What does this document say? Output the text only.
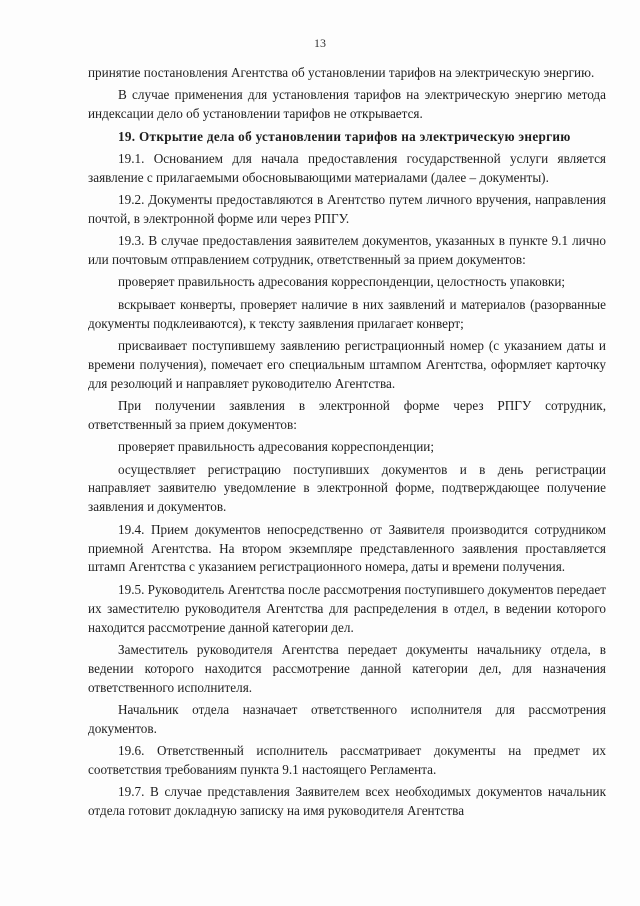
13

принятие постановления Агентства об установлении тарифов на электрическую энергию.

В случае применения для установления тарифов на электрическую энергию метода индексации дело об установлении тарифов не открывается.

19. Открытие дела об установлении тарифов на электрическую энергию

19.1. Основанием для начала предоставления государственной услуги является заявление с прилагаемыми обосновывающими материалами (далее – документы).

19.2. Документы предоставляются в Агентство путем личного вручения, направления почтой, в электронной форме или через РПГУ.

19.3. В случае предоставления заявителем документов, указанных в пункте 9.1 лично или почтовым отправлением сотрудник, ответственный за прием документов:

проверяет правильность адресования корреспонденции, целостность упаковки;

вскрывает конверты, проверяет наличие в них заявлений и материалов (разорванные документы подклеиваются), к тексту заявления прилагает конверт;

присваивает поступившему заявлению регистрационный номер (с указанием даты и времени получения), помечает его специальным штампом Агентства, оформляет карточку для резолюций и направляет руководителю Агентства.

При получении заявления в электронной форме через РПГУ сотрудник, ответственный за прием документов:

проверяет правильность адресования корреспонденции;

осуществляет регистрацию поступивших документов и в день регистрации направляет заявителю уведомление в электронной форме, подтверждающее получение заявления и документов.

19.4. Прием документов непосредственно от Заявителя производится сотрудником приемной Агентства. На втором экземпляре представленного заявления проставляется штамп Агентства с указанием регистрационного номера, даты и времени получения.

19.5. Руководитель Агентства после рассмотрения поступившего документов передает их заместителю руководителя Агентства для распределения в отдел, в ведении которого находится рассмотрение данной категории дел.

Заместитель руководителя Агентства передает документы начальнику отдела, в ведении которого находится рассмотрение данной категории дел, для назначения ответственного исполнителя.

Начальник отдела назначает ответственного исполнителя для рассмотрения документов.

19.6. Ответственный исполнитель рассматривает документы на предмет их соответствия требованиям пункта 9.1 настоящего Регламента.

19.7. В случае представления Заявителем всех необходимых документов начальник отдела готовит докладную записку на имя руководителя Агентства
